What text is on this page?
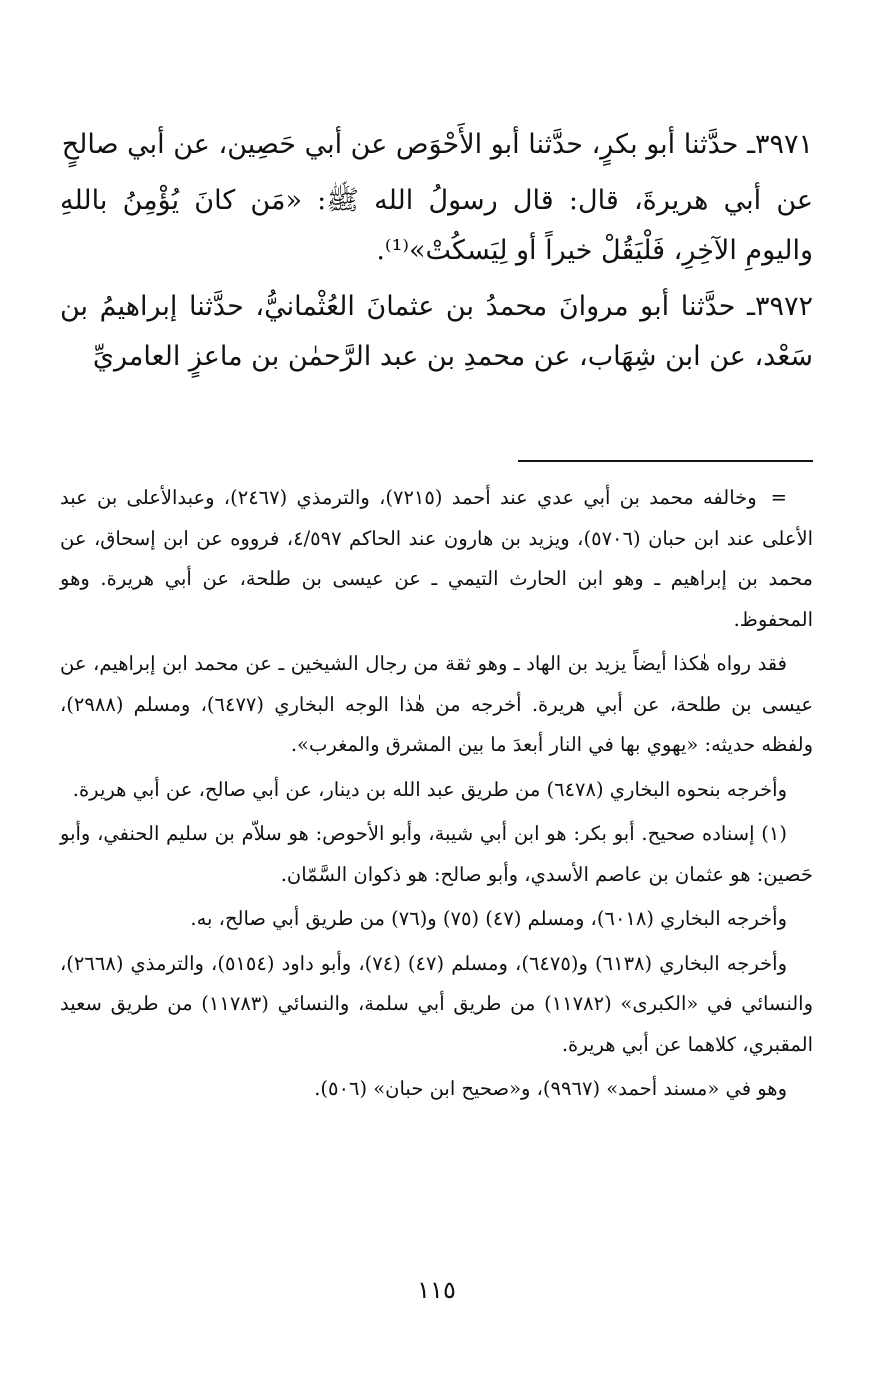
٣٩٧١ـ حدَّثنا أبو بكرٍ، حدَّثنا أبو الأَحْوَص عن أبي حَصِين، عن أبي صالحٍ

عن أبي هريرةَ، قال: قال رسولُ الله ﷺ: «مَن كانَ يُؤْمِنُ باللهِ واليومِ الآخِرِ، فَلْيَقُلْ خيراً أو لِيَسكُتْ»⁽¹⁾.

٣٩٧٢ـ حدَّثنا أبو مروانَ محمدُ بن عثمانَ العُثْمانيُّ، حدَّثنا إبراهيمُ بن سَعْد، عن ابن شِهَاب، عن محمدِ بن عبد الرَّحمٰن بن ماعزٍ العامريِّ

=وخالفه محمد بن أبي عدي عند أحمد (٧٢١٥)، والترمذي (٢٤٦٧)، وعبدالأعلى بن عبد الأعلى عند ابن حبان (٥٧٠٦)، ويزيد بن هارون عند الحاكم ٤/٥٩٧، فرووه عن ابن إسحاق، عن محمد بن إبراهيم ـ وهو ابن الحارث التيمي ـ عن عيسى بن طلحة، عن أبي هريرة. وهو المحفوظ.

فقد رواه هٰكذا أيضاً يزيد بن الهاد ـ وهو ثقة من رجال الشيخين ـ عن محمد ابن إبراهيم، عن عيسى بن طلحة، عن أبي هريرة. أخرجه من هٰذا الوجه البخاري (٦٤٧٧)، ومسلم (٢٩٨٨)، ولفظه حديثه: «يهوي بها في النار أبعدَ ما بين المشرق والمغرب».

وأخرجه بنحوه البخاري (٦٤٧٨) من طريق عبد الله بن دينار، عن أبي صالح، عن أبي هريرة.

(١) إسناده صحيح. أبو بكر: هو ابن أبي شيبة، وأبو الأحوص: هو سلاّم بن سليم الحنفي، وأبو حَصين: هو عثمان بن عاصم الأسدي، وأبو صالح: هو ذكوان السَّمّان.

وأخرجه البخاري (٦٠١٨)، ومسلم (٤٧) (٧٥) و(٧٦) من طريق أبي صالح، به.

وأخرجه البخاري (٦١٣٨) و(٦٤٧٥)، ومسلم (٤٧) (٧٤)، وأبو داود (٥١٥٤)، والترمذي (٢٦٦٨)، والنسائي في «الكبرى» (١١٧٨٢) من طريق أبي سلمة، والنسائي (١١٧٨٣) من طريق سعيد المقبري، كلاهما عن أبي هريرة.

وهو في «مسند أحمد» (٩٩٦٧)، و«صحيح ابن حبان» (٥٠٦).

١١٥
